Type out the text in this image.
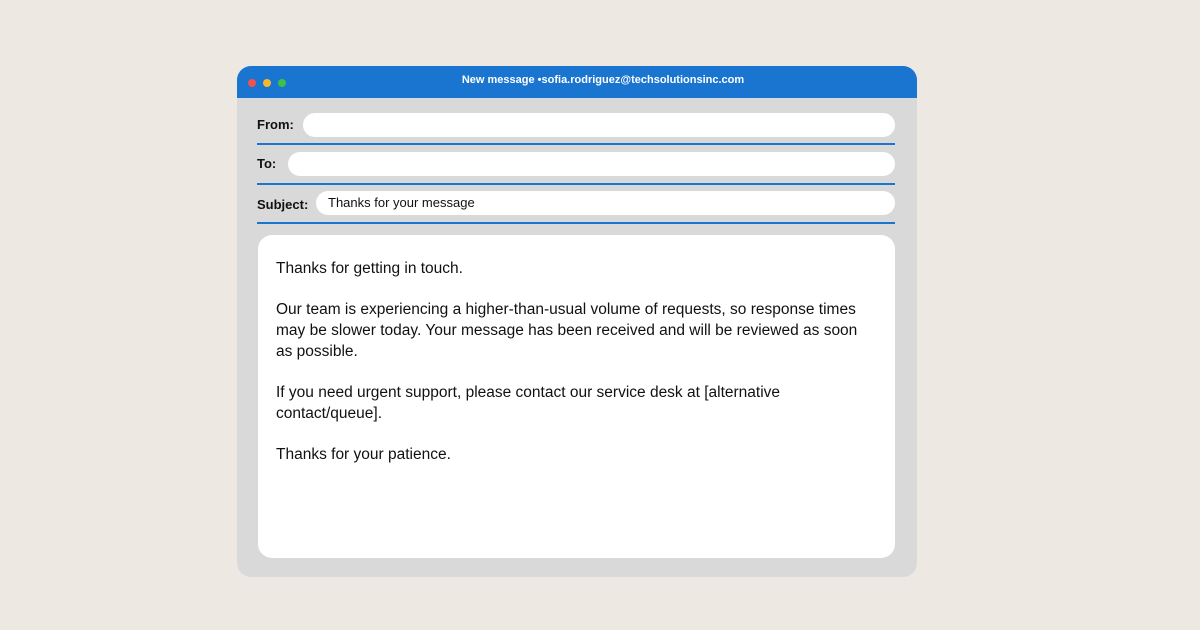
New message •sofia.rodriguez@techsolutionsinc.com
From:
To:
Subject:	Thanks for your message

Thanks for getting in touch.

Our team is experiencing a higher-than-usual volume of requests, so response times may be slower today. Your message has been received and will be reviewed as soon as possible.

If you need urgent support, please contact our service desk at [alternative contact/queue].

Thanks for your patience.
